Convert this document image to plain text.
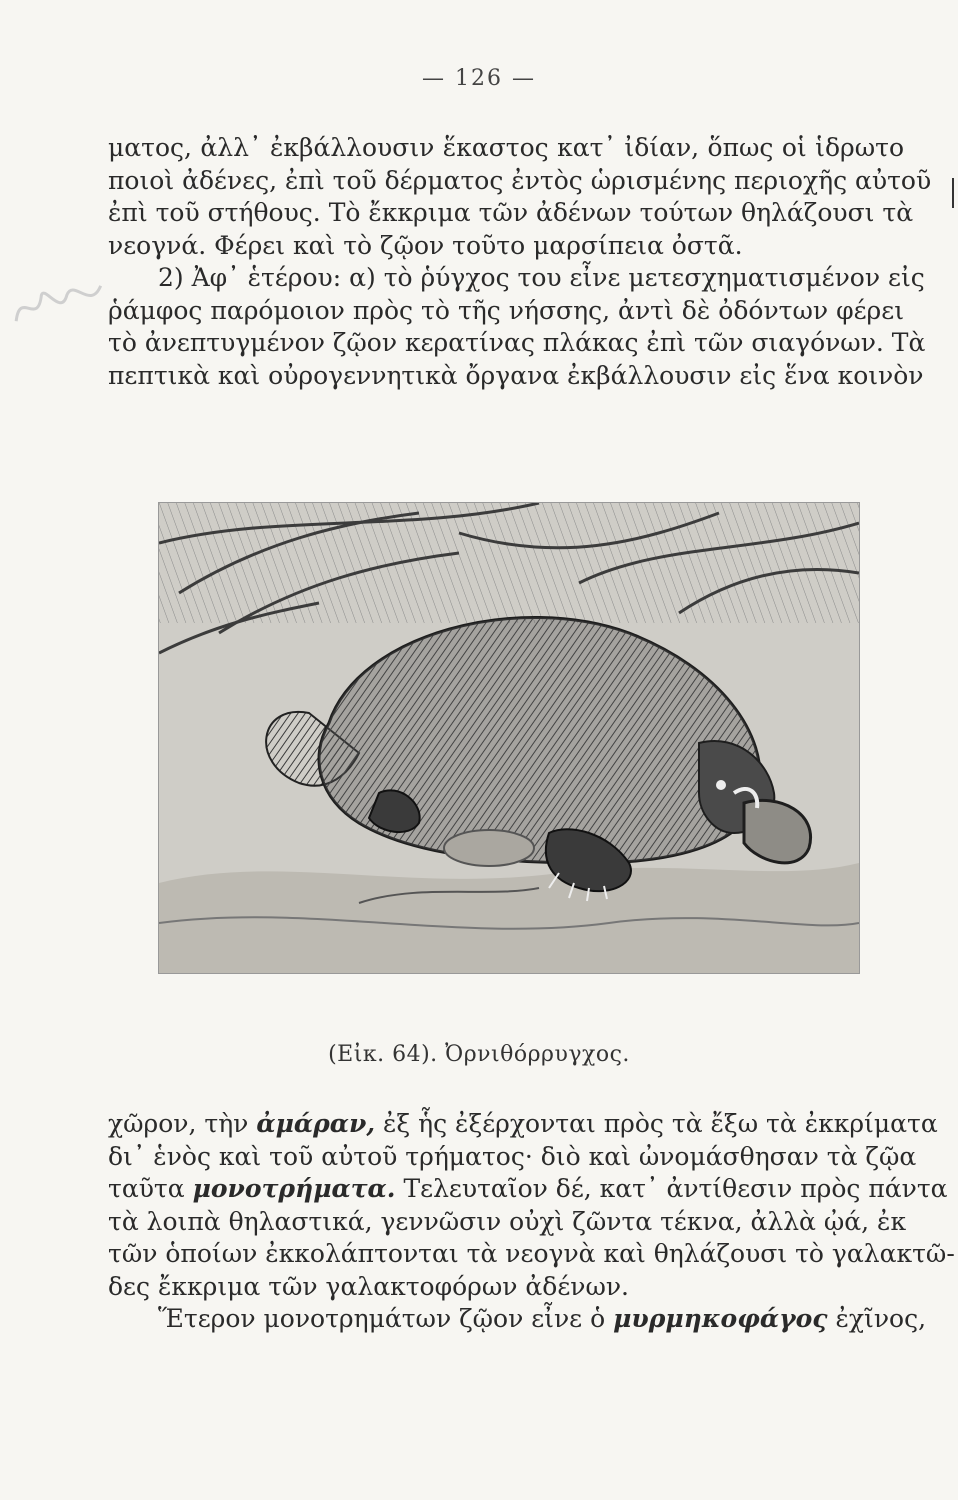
— 126 —
ματος, ἀλλ᾽ ἐκβάλλουσιν ἕκαστος κατ᾽ ἰδίαν, ὅπως οἱ ἱδρωτο
ποιοὶ ἀδένες, ἐπὶ τοῦ δέρματος ἐντὸς ὡρισμένης περιοχῆς αὐτοῦ
ἐπὶ τοῦ στήθους. Τὸ ἔκκριμα τῶν ἀδένων τούτων θηλάζουσι τὰ
νεογνά. Φέρει καὶ τὸ ζῷον τοῦτο μαρσίπεια ὀστᾶ.
2) Ἀφ᾽ ἑτέρου: α) τὸ ῥύγχος του εἶνε μετεσχηματισμένον εἰς
ῥάμφος παρόμοιον πρὸς τὸ τῆς νήσσης, ἀντὶ δὲ ὀδόντων φέρει
τὸ ἀνεπτυγμένον ζῷον κερατίνας πλάκας ἐπὶ τῶν σιαγόνων. Τὰ
πεπτικὰ καὶ οὐρογεννητικὰ ὄργανα ἐκβάλλουσιν εἰς ἕνα κοινὸν
(Εἰκ. 64). Ὀρνιθόρρυγχος.
χῶρον, τὴν ἀμάραν, ἐξ ἧς ἐξέρχονται πρὸς τὰ ἔξω τὰ ἐκκρίματα
δι᾽ ἑνὸς καὶ τοῦ αὐτοῦ τρήματος· διὸ καὶ ὠνομάσθησαν τὰ ζῷα
ταῦτα μονοτρήματα. Τελευταῖον δέ, κατ᾽ ἀντίθεσιν πρὸς πάντα
τὰ λοιπὰ θηλαστικά, γεννῶσιν οὐχὶ ζῶντα τέκνα, ἀλλὰ ᾠά, ἐκ
τῶν ὁποίων ἐκκολάπτονται τὰ νεογνὰ καὶ θηλάζουσι τὸ γαλακτῶ-
δες ἔκκριμα τῶν γαλακτοφόρων ἀδένων.
Ἕτερον μονοτρημάτων ζῷον εἶνε ὁ μυρμηκοφάγος ἐχῖνος,
